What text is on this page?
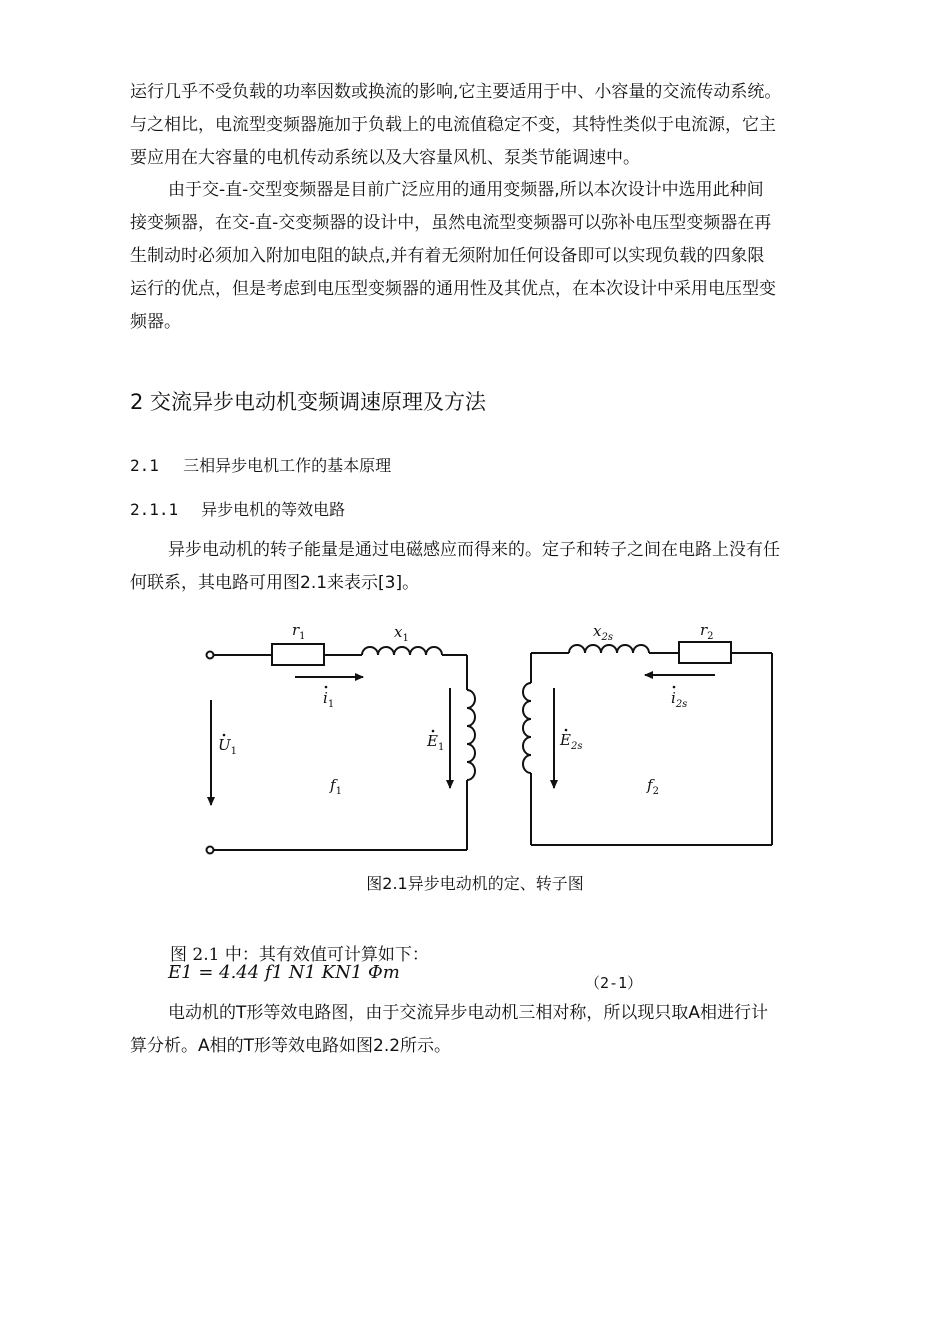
运行几乎不受负载的功率因数或换流的影响,它主要适用于中、小容量的交流传动系统。
与之相比，电流型变频器施加于负载上的电流值稳定不变，其特性类似于电流源，它主
要应用在大容量的电机传动系统以及大容量风机、泵类节能调速中。
由于交-直-交型变频器是目前广泛应用的通用变频器,所以本次设计中选用此种间
接变频器，在交-直-交变频器的设计中，虽然电流型变频器可以弥补电压型变频器在再
生制动时必须加入附加电阻的缺点,并有着无须附加任何设备即可以实现负载的四象限
运行的优点，但是考虑到电压型变频器的通用性及其优点，在本次设计中采用电压型变
频器。
2 交流异步电动机变频调速原理及方法
2.1 三相异步电机工作的基本原理
2.1.1 异步电机的等效电路
异步电动机的转子能量是通过电磁感应而得来的。定子和转子之间在电路上没有任
何联系，其电路可用图2.1来表示[3]。
$r_1$	$x_1$
$i_1$
$U_1$
$E_1$
$f_1$
$x_{2s}$	$r_2$
$i_{2s}$
$E_{2s}$
$f_2$

图2.1异步电动机的定、转子图

图 2.1 中：其有效值可计算如下：
E1 = 4.44 f1 N1 KN1 Φm	（2-1）
电动机的T形等效电路图，由于交流异步电动机三相对称，所以现只取A相进行计
算分析。A相的T形等效电路如图2.2所示。
